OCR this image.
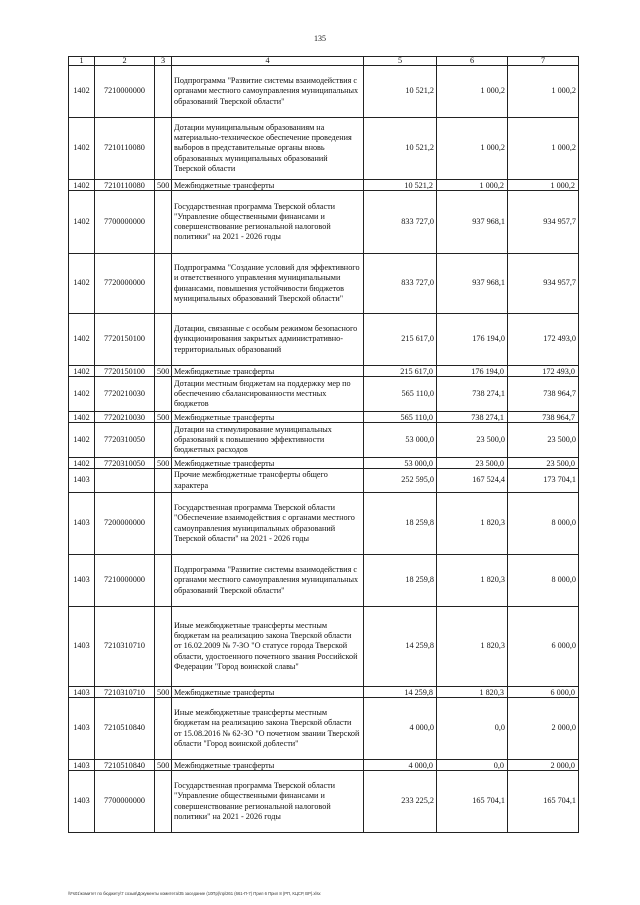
135
1	2	3	4	5	6	7
1402	7210000000		Подпрограмма "Развитие системы взаимодействия с органами местного самоуправления муниципальных образований Тверской области"	10 521,2	1 000,2	1 000,2
1402	7210110080		Дотации муниципальным образованиям на материально-техническое обеспечение проведения выборов в представительные органы вновь образованных муниципальных образований Тверской области	10 521,2	1 000,2	1 000,2
1402	7210110080	500	Межбюджетные трансферты	10 521,2	1 000,2	1 000,2
1402	7700000000		Государственная программа Тверской области "Управление общественными финансами и совершенствование региональной налоговой политики" на 2021 - 2026 годы	833 727,0	937 968,1	934 957,7
1402	7720000000		Подпрограмма "Создание условий для эффективного и ответственного управления муниципальными финансами, повышения устойчивости бюджетов муниципальных образований Тверской области"	833 727,0	937 968,1	934 957,7
1402	7720150100		Дотации, связанные с особым режимом безопасного функционирования закрытых административно-территориальных образований	215 617,0	176 194,0	172 493,0
1402	7720150100	500	Межбюджетные трансферты	215 617,0	176 194,0	172 493,0
1402	7720210030		Дотации местным бюджетам на поддержку мер по обеспечению сбалансированности местных бюджетов	565 110,0	738 274,1	738 964,7
1402	7720210030	500	Межбюджетные трансферты	565 110,0	738 274,1	738 964,7
1402	7720310050		Дотации на стимулирование муниципальных образований к повышению эффективности бюджетных расходов	53 000,0	23 500,0	23 500,0
1402	7720310050	500	Межбюджетные трансферты	53 000,0	23 500,0	23 500,0
1403			Прочие межбюджетные трансферты общего характера	252 595,0	167 524,4	173 704,1
1403	7200000000		Государственная программа Тверской области "Обеспечение взаимодействия с органами местного самоуправления муниципальных образований Тверской области" на 2021 - 2026 годы	18 259,8	1 820,3	8 000,0
1403	7210000000		Подпрограмма "Развитие системы взаимодействия с органами местного самоуправления муниципальных образований Тверской области"	18 259,8	1 820,3	8 000,0
1403	7210310710		Иные межбюджетные трансферты местным бюджетам на реализацию закона Тверской области от 16.02.2009 № 7-ЗО "О статусе города Тверской области, удостоенного почетного звания Российской Федерации "Город воинской славы"	14 259,8	1 820,3	6 000,0
1403	7210310710	500	Межбюджетные трансферты	14 259,8	1 820,3	6 000,0
1403	7210510840		Иные межбюджетные трансферты местным бюджетам на реализацию закона Тверской области от 15.08.2016 № 62-ЗО "О почетном звании Тверской области "Город воинской доблести"	4 000,0	0,0	2 000,0
1403	7210510840	500	Межбюджетные трансферты	4 000,0	0,0	2 000,0
1403	7700000000		Государственная программа Тверской области "Управление общественными финансами и совершенствование региональной налоговой политики" на 2021 - 2026 годы	233 225,2	165 704,1	165 704,1
\\Fs01\комитет по бюджету\7 созыв\Документы комитета\35 заседание (10Пр)\пр\261 (661-П-7) Прил 6 Прил 8 (РП, КЦСР, ВР).xlsx
